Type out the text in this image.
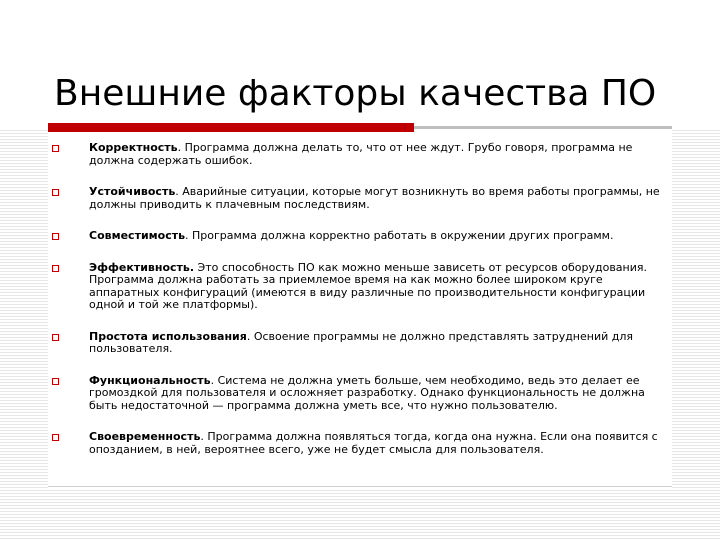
Внешние факторы качества ПО
Корректность. Программа должна делать то, что от нее ждут. Грубо говоря, программа не должна содержать ошибок.
Устойчивость. Аварийные ситуации, которые могут возникнуть во время работы программы, не должны приводить к плачевным последствиям.
Совместимость. Программа должна корректно работать в окружении других программ.
Эффективность. Это способность ПО как можно меньше зависеть от ресурсов оборудования. Программа должна работать за приемлемое время на как можно более широком круге аппаратных конфигураций (имеются в виду различные по производительности конфигурации одной и той же платформы).
Простота использования. Освоение программы не должно представлять затруднений для пользователя.
Функциональность. Система не должна уметь больше, чем необходимо, ведь это делает ее громоздкой для пользователя и осложняет разработку. Однако функциональность не должна быть недостаточной — программа должна уметь все, что нужно пользователю.
Своевременность. Программа должна появляться тогда, когда она нужна. Если она появится с опозданием, в ней, вероятнее всего, уже не будет смысла для пользователя.
